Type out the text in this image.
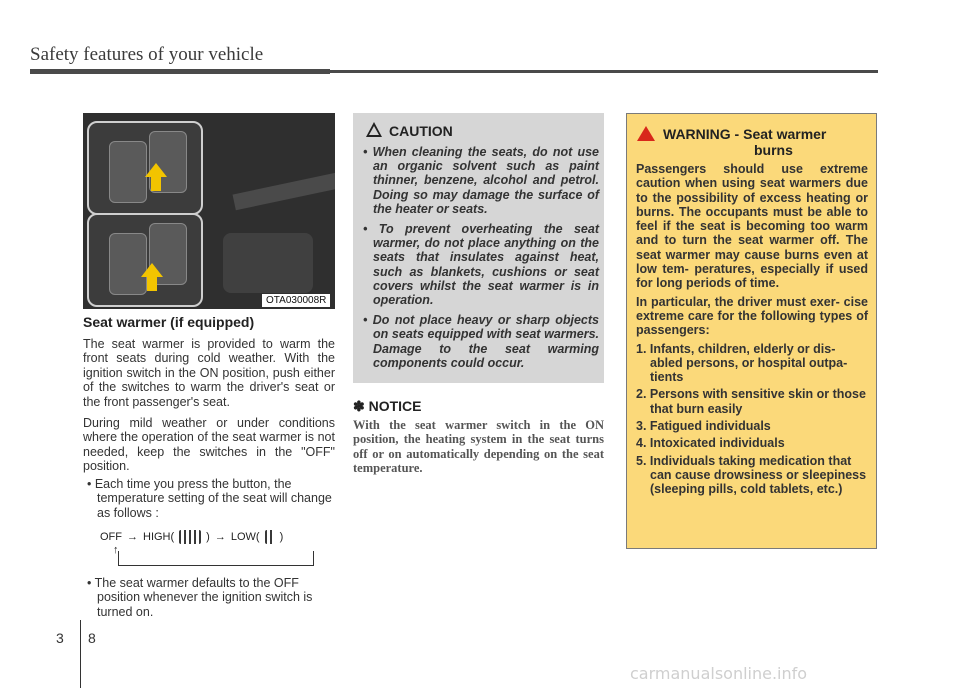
Safety features of your vehicle
OTA030008R
Seat warmer (if equipped)
The seat warmer is provided to warm the front seats during cold weather. With the ignition switch in the ON position, push either of the switches to warm the driver's seat or the front passenger's seat.
During mild weather or under conditions where the operation of the seat warmer is not needed, keep the switches in the "OFF" position.
• Each time you press the button, the temperature setting of the seat will change as follows :
OFF → HIGH(	) → LOW( )
↑
• The seat warmer defaults to the OFF position whenever the ignition switch is turned on.
CAUTION
• When cleaning the seats, do not use an organic solvent such as paint thinner, benzene, alcohol and petrol. Doing so may damage the surface of the heater or seats.
• To prevent overheating the seat warmer, do not place anything on the seats that insulates against heat, such as blankets, cushions or seat covers whilst the seat warmer is in operation.
• Do not place heavy or sharp objects on seats equipped with seat warmers. Damage to the seat warming components could occur.
✽ NOTICE
With the seat warmer switch in the ON position, the heating system in the seat turns off or on automatically depending on the seat temperature.
WARNING - Seat warmer
burns

Passengers should use extreme caution when using seat warmers due to the possibility of excess heating or burns. The occupants must be able to feel if the seat is becoming too warm and to turn the seat warmer off. The seat warmer may cause burns even at low tem- peratures, especially if used for long periods of time.

In particular, the driver must exer- cise extreme care for the following types of passengers:

1. Infants, children, elderly or dis- abled persons, or hospital outpa- tients
2. Persons with sensitive skin or those that burn easily
3. Fatigued individuals
4. Intoxicated individuals
5. Individuals taking medication that can cause drowsiness or sleepiness (sleeping pills, cold tablets, etc.)
3 8
carmanualsonline.info
